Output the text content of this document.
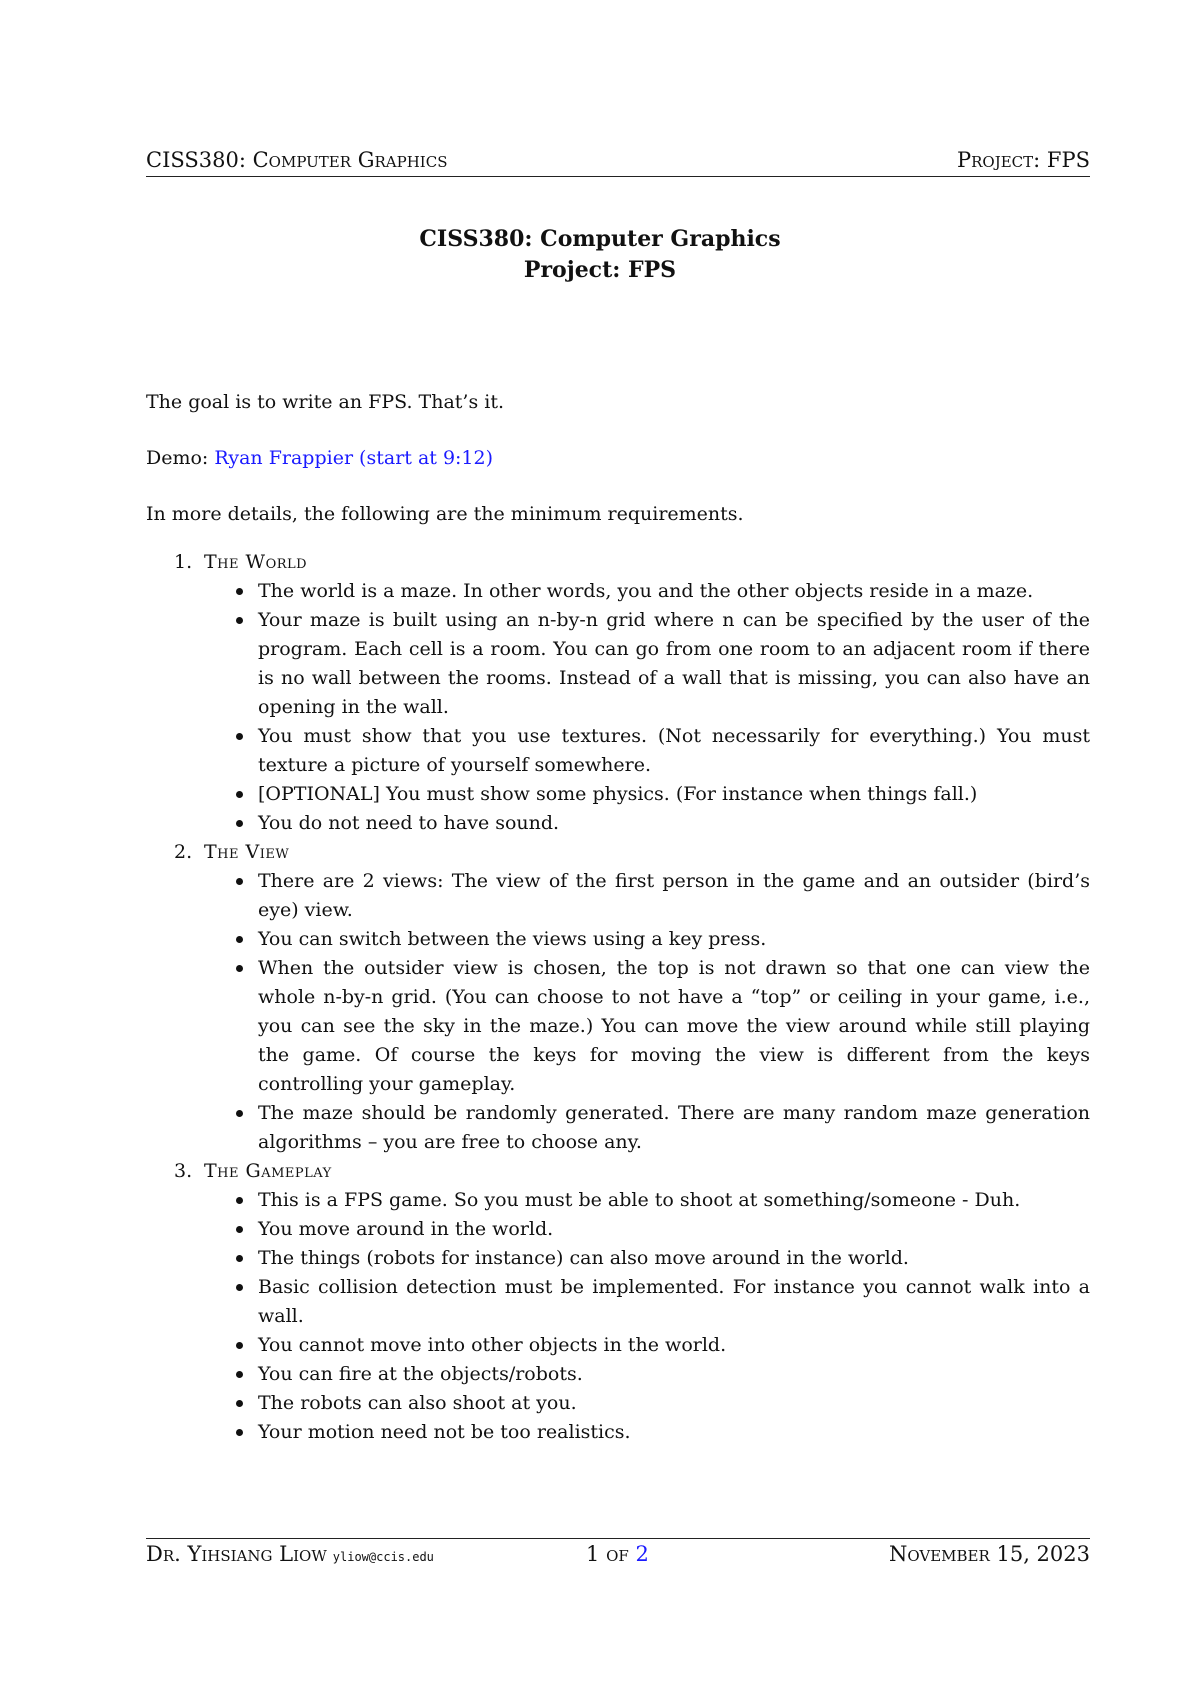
CISS380: Computer Graphics	Project: FPS
CISS380: Computer Graphics
Project: FPS

The goal is to write an FPS. That’s it.

Demo: Ryan Frappier (start at 9:12)

In more details, the following are the minimum requirements.

1. The World
The world is a maze. In other words, you and the other objects reside in a maze.
Your maze is built using an n-by-n grid where n can be specified by the user of the program. Each cell is a room. You can go from one room to an adjacent room if there is no wall between the rooms. Instead of a wall that is missing, you can also have an opening in the wall.
You must show that you use textures. (Not necessarily for everything.) You must texture a picture of yourself somewhere.
[OPTIONAL] You must show some physics. (For instance when things fall.)
You do not need to have sound.
2. The View
There are 2 views: The view of the first person in the game and an outsider (bird’s eye) view.
You can switch between the views using a key press.
When the outsider view is chosen, the top is not drawn so that one can view the whole n-by-n grid. (You can choose to not have a “top” or ceiling in your game, i.e., you can see the sky in the maze.) You can move the view around while still playing the game. Of course the keys for moving the view is different from the keys controlling your gameplay.
The maze should be randomly generated. There are many random maze generation algorithms – you are free to choose any.
3. The Gameplay
This is a FPS game. So you must be able to shoot at something/someone - Duh.
You move around in the world.
The things (robots for instance) can also move around in the world.
Basic collision detection must be implemented. For instance you cannot walk into a wall.
You cannot move into other objects in the world.
You can fire at the objects/robots.
The robots can also shoot at you.
Your motion need not be too realistics.
Dr. Yihsiang Liow yliow@ccis.edu	1 of 2	November 15, 2023
